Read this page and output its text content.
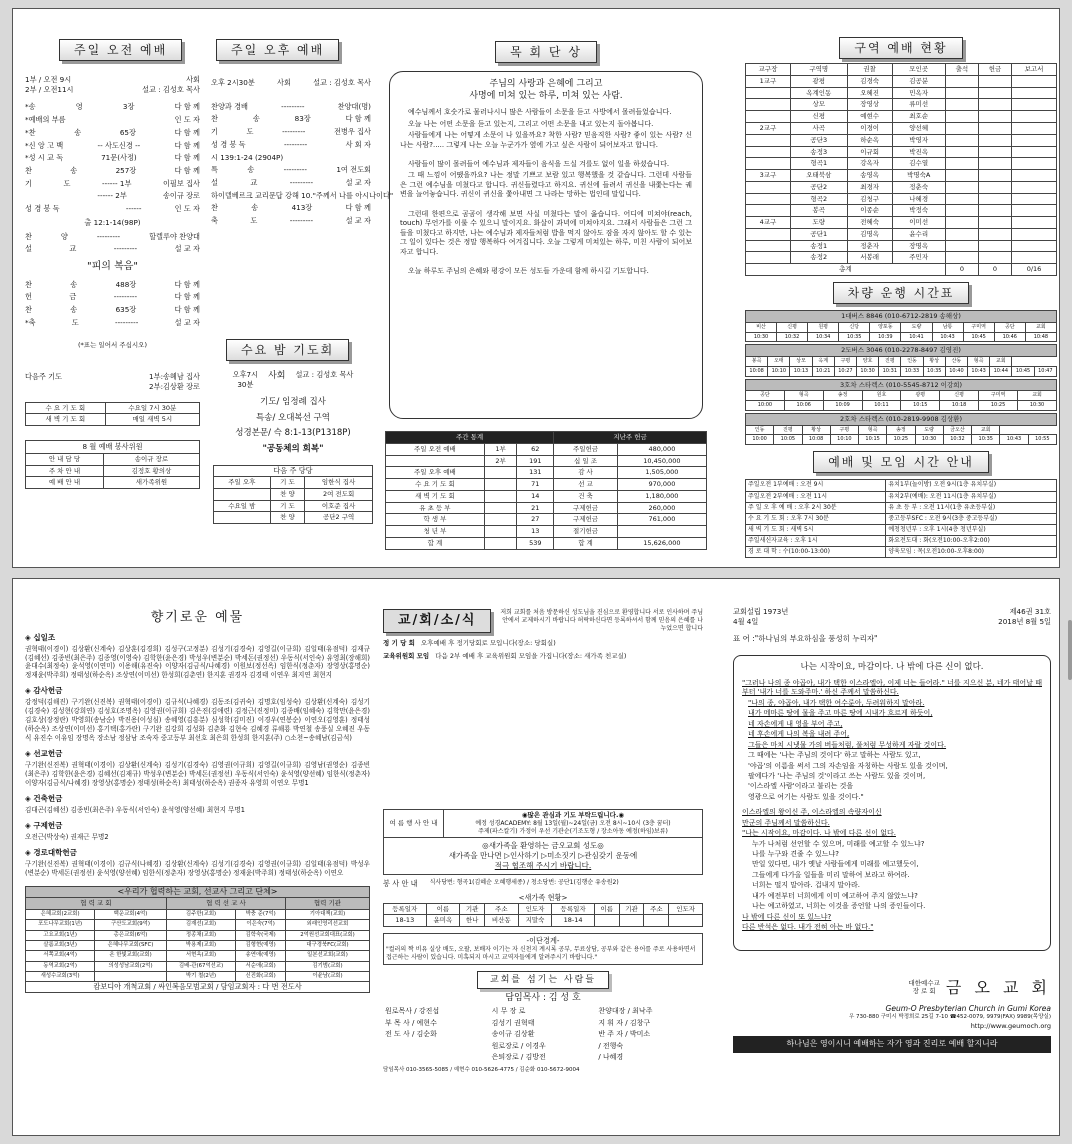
주일 오전 예배	주일 오후 예배
1부 / 오전 9시	사회
2부 / 오전11시	설교 : 김성호 목사
*송	영	3장	다 함 께
*예배의 부름	인 도 자
*찬	송	65장	다 함 께
*신 앙 고 백	-- 사도신경 --	다 함 께
*성 시 교 독	71문(사정)	다 함 께
찬	송	257장	다 함 께
기	도	------ 1부	이필보 집사
------ 2부	송이규 장로
성 경 봉 독	------	인 도 자
출 12:1-14(98P)
찬	양	---------	할렐루야 찬양대
설	교	---------	설 교 자
"피의 복음"
찬	송	488장	다 함 께
헌	금	---------	다 함 께
찬	송	635장	다 함 께
*축	도	---------	설 교 자
(*표는 일어서 주십시오)
다음주 기도	1부:송혜남 집사
2부:김상환 장로
수 요 기 도 회	수요일 7시 30분
새 벽 기 도 회	매일 새벽 5시
8 월 예배 봉사위원
안 내 담 당	송이규 장로
주 차 안 내	김정호 황의상
예 배 안 내	새가족위원
오후 2시30분	사회	설교 : 김성호 목사
찬양과 경배	---------	찬양대(명)
찬	송	83장	다 함 께
기	도	---------	전병우 집사
성 경 봉 독	---------	사 회 자
시 139:1-24 (2904P)
특	송	---------	1여 전도회
설	교	---------	설 교 자
하이델베르크 교리문답 강해 10. "주께서 나를 아시나이다"
찬	송	413장	다 함 께
축	도	---------	설 교 자
수요 밤 기도회
오후7시
30분
사회 설교 : 김성호 목사
기도/ 임정례 집사
특송/ 오대복선 구역
성경본문/ 슥 8:1-13(P1318P)
"공동체의 회복"
다음 주 당당
주일 오후	기 도	임한식 집사
	찬 양	2여 전도회
수요일 밤	기 도	이호준 집사
	찬 양	공단2 구역
목 회 단 상
주님의 사랑과 은혜에 그리고
사명에 미쳐 있는 하루, 미쳐 있는 사람.

예수님께서 호숫가로 물러나시니 많은 사람들이 소문을 듣고 사방에서 몰려들었습니다.

오늘 나는 어떤 소문을 듣고 있는지, 그리고 어떤 소문을 내고 있는지 돌아봅니다.

사람들에게 나는 어떻게 소문이 나 있을까요? 착한 사람? 믿음직한 사람? 좋이 있는 사람? 신나는 사람?..... 그렇게 나는 오늘 누군가가 옆에 가고 싶은 사람이 되어보자고 합니다.

사람들이 많이 몰려들어 예수님과 제자들이 음식을 드실 겨를도 없이 일을 하셨습니다.

그 때 느낌이 어땠을까요? 나는 정말 기쁘고 보람 있고 행복했을 것 같습니다. 그런데 사람들은 그런 예수님을 미쳤다고 합니다. 귀신들렸다고 하지요. 귀신에 들려서 귀신을 내쫓는다는 궤변을 늘어놓습니다. 귀신이 귀신을 쫓아내면 그 나라는 망하는 법인데 말입니다.

그런데 한편으로 곰곰이 생각해 보면 사실 미쳤다는 말이 옳습니다. 어디에 미쳐야(reach, touch) 무언가를 이룰 수 있으니 말이지요. 화살이 과녁에 미쳐야지요. 그래서 사람들은 그런 그들을 미쳤다고 하지만, 나는 예수님과 제자들처럼 밥을 먹지 않아도 잠을 자지 않아도 할 수 있는 그 일이 있다는 것은 정말 행복하다 여겨집니다. 오늘 그렇게 미쳐있는 하루, 미친 사람이 되어보자고 합니다.

오늘 하루도 주님의 은혜와 평강이 모든 성도들 가운데 함께 하시길 기도합니다.

주간 통계			지난주 헌금	
주일 오전 예배	1부	62	주일헌금	480,000
	2부	191	십 일 조	10,450,000
주일 오후 예배		131	감 사	1,505,000
수 요 기 도 회		71	선 교	970,000
새 벽 기 도 회		14	건 축	1,180,000
유 초 등 부		21	구제헌금	260,000
학 생 부		27	구제헌금	761,000
청 년 부		13	절기헌금	
합 계		539	합 계	15,626,000
구역 예배 현황
교구장	구역명	권찰	모인곳	출석	헌금	보고서
1교구	광평	김경숙	김공분			
	옥계인동	오혜진	민옥자			
	상모	장영상	류미선			
	신평	예현수	최호순			
2교구	사곡	이경이	양선혜			
	공단3	하순옥	박영자			
	송정3	이규회	박진옥			
	형곡1	강옥자	김수열			
3교구	오태북삼	송영옥	박명숙A			
	공단2	최경자	정춘숙			
	형곡2	김청구	나혜경			
	봉곡	이종순	박정숙			
4교구	도량	전혜숙	이미선			
	공단1	김명옥	윤수리			
	송정1	정춘자	장명옥			
	송정2	서봉래	주민자			
총계				0	0	0/16
차량 운행 시간표
1대버스 8846 (010-6712-2819 송해상)									
비산	신평	원평	신당	양포동	도량	남통	구미역	공단	교회
10:30	10:32	10:34	10:35	10:39	10:41	10:43	10:45	10:46	10:48
2도버스 3046 (010-2278-8497 김영진)													
봉곡	오태	상모	옥계	구평	양호	진평	인동	황상	산동	형곡	교회		
10:08	10:10	10:13	10:21	10:27	10:30	10:31	10:33	10:35	10:40	10:43	10:44	10:45	10:47
3호차 스타렉스 (010-5545-8712 이강희)							
공단	형곡	송정	원호	광평	신평	구미역	교회
10:00	10:06	10:09	10:11	10:15	10:18	10:25	10:30
2호차 스타렉스 (010-2819-9908 김상환)										
인동	진평	황상	구평	형곡	송정	도량	금오산	교회		
10:00	10:05	10:08	10:10	10:15	10:25	10:30	10:32	10:35	10:43	10:55
예배 및 모임 시간 안내
주일오전 1부예배 : 오전 9시	유치1부(놀이방) 오전 9시(1층 유치부실)
주일오전 2부예배 : 오전 11시	유치2부(예배): 오전 11시(1층 유치부실)
주 일 오 후 예 배 : 오후 2시 30분	유 초 등 부 : 오전 11시(1층 유초등부실)
수 요 기 도 회 : 오후 7시 30분	중고등부SFC : 오전 9시(3층 중고등부실)
새 벽 기 도 회 : 새벽 5시	예청청년부 : 오후 1시(4층 청년부실)
주일새신자교육 : 오후 1시	화요전도대 : 화(오전10:00-오후2:00)
경 로 대 학 : 수(10:00-13:00)	양육모임 : 목(오전10:00-오후8:00)
향기로운 예물
◈ 십일조

권혁태(이경이) 김상환(신계숙) 김상훈(김경희) 김성구(고정분) 김성기(김경숙) 김영길(이규희) 김일태(유점덕) 김재규(김혜선) 김종빈(최은주) 김종영(이영숙) 김학한(윤은경) 박성우(변분순) 박세돈(권정선) 우동식(서인숙) 유영최(장해희) 윤대수(최정숙) 윤석영(이연미) 이용해(유진숙) 이양자(김금식/나혜경) 이원보(정선옥) 임한식(정춘자) 장영상(홍명순) 정재윤(박주희) 정태성(하순옥) 조상연(이미선) 한성희(김춘연) 한지훈 권경자 김경태 이연우 최지연 최현지

◈ 감사헌금

강정덕(김해진) 구기완(신진복) 권혁태(이경이) 김규식(나혜경) 김동조(김귀숙) 김명호(임성숙) 김상환(신계숙) 김성기(김경숙) 김성현(강희연) 김성호(조명옥) 김영권(이규희) 김은진(김애련) 김정근(진정미) 김종배(임혜숙) 김학만(윤은경) 김호상(장정란) 박영희(송남순) 박진용(이성심) 송혜영(김흥분) 심성학(김미진) 이경우(연봉순) 이연오(김영훈) 정태성(하순옥) 조상연(이미선) 홍기택(홍가란) 구기완 김강희 김성화 김춘화 김현숙 김혜경 류해룡 박연철 송풍실 오혜진 우동식 유진수 이유임 장명옥 장소남 정삼남 조숙자 중고등부 최선호 최은희 한성희 한지훈(주) ○소천~송혜남(김금석)

◈ 선교헌금

구기완(신진복) 권혁태(이경이) 김상환(신계숙) 김성기(김경숙) 김영권(이규희) 김영길(이규희) 김영남(권영순) 김종빈(최은주) 김학한(윤은경) 김혜선(김재규) 박성우(변분순) 박세돈(권정선) 우동식(서인숙) 윤석영(양선혜) 임한식(정춘자) 이양자(김금식/나혜경) 장영상(홍명순) 정태성(하순옥) 최태성(하순옥) 권종자 유영희 이연오 무명1

◈ 건축헌금

김대곤(김혜선) 김종빈(최은주) 우동식(서인숙) 윤석영(양선혜) 최현지 무명1

◈ 구제헌금

오전근(박상숙) 권재근 무명2

◈ 경로대학헌금

구기완(신진복) 권혁태(이경이) 김규식(나혜경) 김상환(신계숙) 김성기(김경숙) 김영권(이규희) 김일태(유점덕) 박성우(변분순) 박세돈(권정선) 윤석영(양선혜) 임한식(정춘자) 장영상(홍명순) 정재윤(박주희) 정태성(하순옥) 이연오

<우리가 협력하는 교회, 선교사 그리고 단체>
협 력 교 회		협 력 선 교 사		협력 기관
은혜교회(2교회)	백운교회(4억)	김주한(교회)	박충 준(7억)	기아대책(교회)
포도나무교회(1년)	구산도교회(9억)	김재선(교회)	이은숙(7억)	외래인영리선교회
고요교회(1년)	총은교회(6억)	정종채(교회)	김학숙(국제)	2억원선교회대표(교회)
살롬교회(3년)	은혜나무교회(SFC)	박용제(교회)	김형현(예영)	대구경북FC(교회)
서쪽교회(4억)	온 한빛교회(교회)	서현옥(교회)	송연애(예영)	일본선교회(교회)
동역교회(2억)	의성성남교회(2억)	김배-관(67억선교)	서순애(교회)	김기범(교회)
새성수교회(3억)		박기 철(2년)	신진화(교회)	이윤남(교회)
캄보디아 개척교회 / 싸인복음모범교회 / 담임교회자 : 다 번 전도사
교/회/소/식
저희 교회를 처음 방문하신 성도님을 진심으로 환영합니다 서로 인사하며 주님 안에서 교제하시기 바랍니다 허락하신다면 등록하셔서 함께 믿음의 은혜를 나누었으면 합니다
정 기 당 회 오후예배 후 정기당회로 모입니다(장소: 당회실)
교육위원회 모임 다음 2부 예배 후 교육위원회 모임을 가집니다(장소: 새가족 친교실)
여 름 행 사 안 내	
◉많은 관심과 기도 부탁드립니다.◉
예정 성경ACADEMY: 8월 13일(월)~24일(금) 오전 8시~10시 (3층 꿈터)
주제(파스칼기) 가정이 우선 기관순(기조도형 / 장소아동 예정(하임)보류)
◎새가족을 환영하는 금오교회 성도◎
새가족을 만나면 ▷인사하기 ▷미소짓기 ▷관심갖기 운동에
적극 협조해 주시기 바랍니다.
봉 사 안 내 식사당번: 형곡1(김혜순 오혜행세종) / 청소당번: 공단1(김행순 유송원2)
<새가족 현황>
등록일자	이름	기관	주소	인도자	등록일자	이름	기관	주소	인도자
18-13	윤미옥	한나	비산동	지말숙	18-14				
-이단경계-
"컬러의 짝 비유 실상 배도, 오팔, 보배자 이기는 자 신천지 계시록 공부, 무료상담, 공부와 같은 용어를 주로 사용하면서 접근하는 사람이 있습니다. 미혹되지 마시고 교역자들에게 알려주시기 바랍니다."
교회를 섬기는 사람들
담임목사 : 김 성 호
원로목사 / 강진섭	시 무 장 로	찬양대장 / 최낙주
부 목 사 / 예현수	김성기 권혁태	지 휘 자 / 김창구
전 도 사 / 김순화	송이규 김상환	반 주 자 / 박미소
	원로장로 / 이경우	/ 전행숙
	은퇴장로 / 김방전	/ 나혜경
담임목사 010-3565-5085 / 예현수 010-5626-4775 / 김순화 010-5672-9004
교회설립 1973년 4월 4일
제46권 31호
2018년 8월 5일
표 어 :"하나님의 부요하심을 풍성히 누리자"
나는 시작이요, 마감이다. 나 밖에 다른 신이 없다.

"그러나 나의 종 야곱아, 내가 택한 이스라엘아, 이제 너는 들어라." 너를 지으신 분, 네가 태어날 때부터 '내가 너를 도와주마.' 하신 주께서 말씀하신다.

"나의 종, 야곱아, 내가 택한 여수룬아, 두려워하지 말아라.

내가 메마른 땅에 물을 주고 마른 땅에 시내가 흐르게 하듯이,

네 자손에게 내 영을 부어 주고,

네 후손에게 나의 복을 내려 주어,

그들은 마치 시냇물 가의 버들처럼, 풀처럼 무성하게 자랄 것이다.

그 때에는 '나는 주님의 것이다' 하고 말하는 사람도 있고,

'야곱'의 이름을 써서 그의 자손임을 자칭하는 사람도 있을 것이며,

팔에다가 '나는 주님의 것'이라고 쓰는 사람도 있을 것이며,

'이스라엘 사람'이라고 불리는 것을

영광으로 여기는 사람도 있을 것이다."

이스라엘의 왕이신 주, 이스라엘의 속량자이신

만군의 주님께서 말씀하신다.

"나는 시작이요, 마감이다. 나 밖에 다른 신이 없다.

누가 나처럼 선언할 수 있으며, 미래를 예고할 수 있느냐?

나를 누구와 견줄 수 있느냐?

만일 있다면, 내가 옛날 사람들에게 미래를 예고했듯이,

그들에게 다가올 일들을 미리 말하여 보라고 하여라.

너희는 떨지 말아라. 겁내지 말아라.

내가 예전부터 너희에게 이미 예고하여 주지 않았느냐?

나는 예고하였고, 너희는 이것을 증언할 나의 증인들이다.

나 밖에 다른 신이 또 있느냐?

다른 반석은 없다. 내가 전혀 아는 바 없다."

대한예수교
장 로 회 금 오 교 회
Geum-O Presbyterian Church in Gumi Korea
우 730-880 구미시 박정희로 25길 7-10 ☎452-0079, 9979(FAX) 9989(목양실)
http://www.geumoch.org
하나님은 영이시니 예배하는 자가 영과 진리로 예배 할지니라
